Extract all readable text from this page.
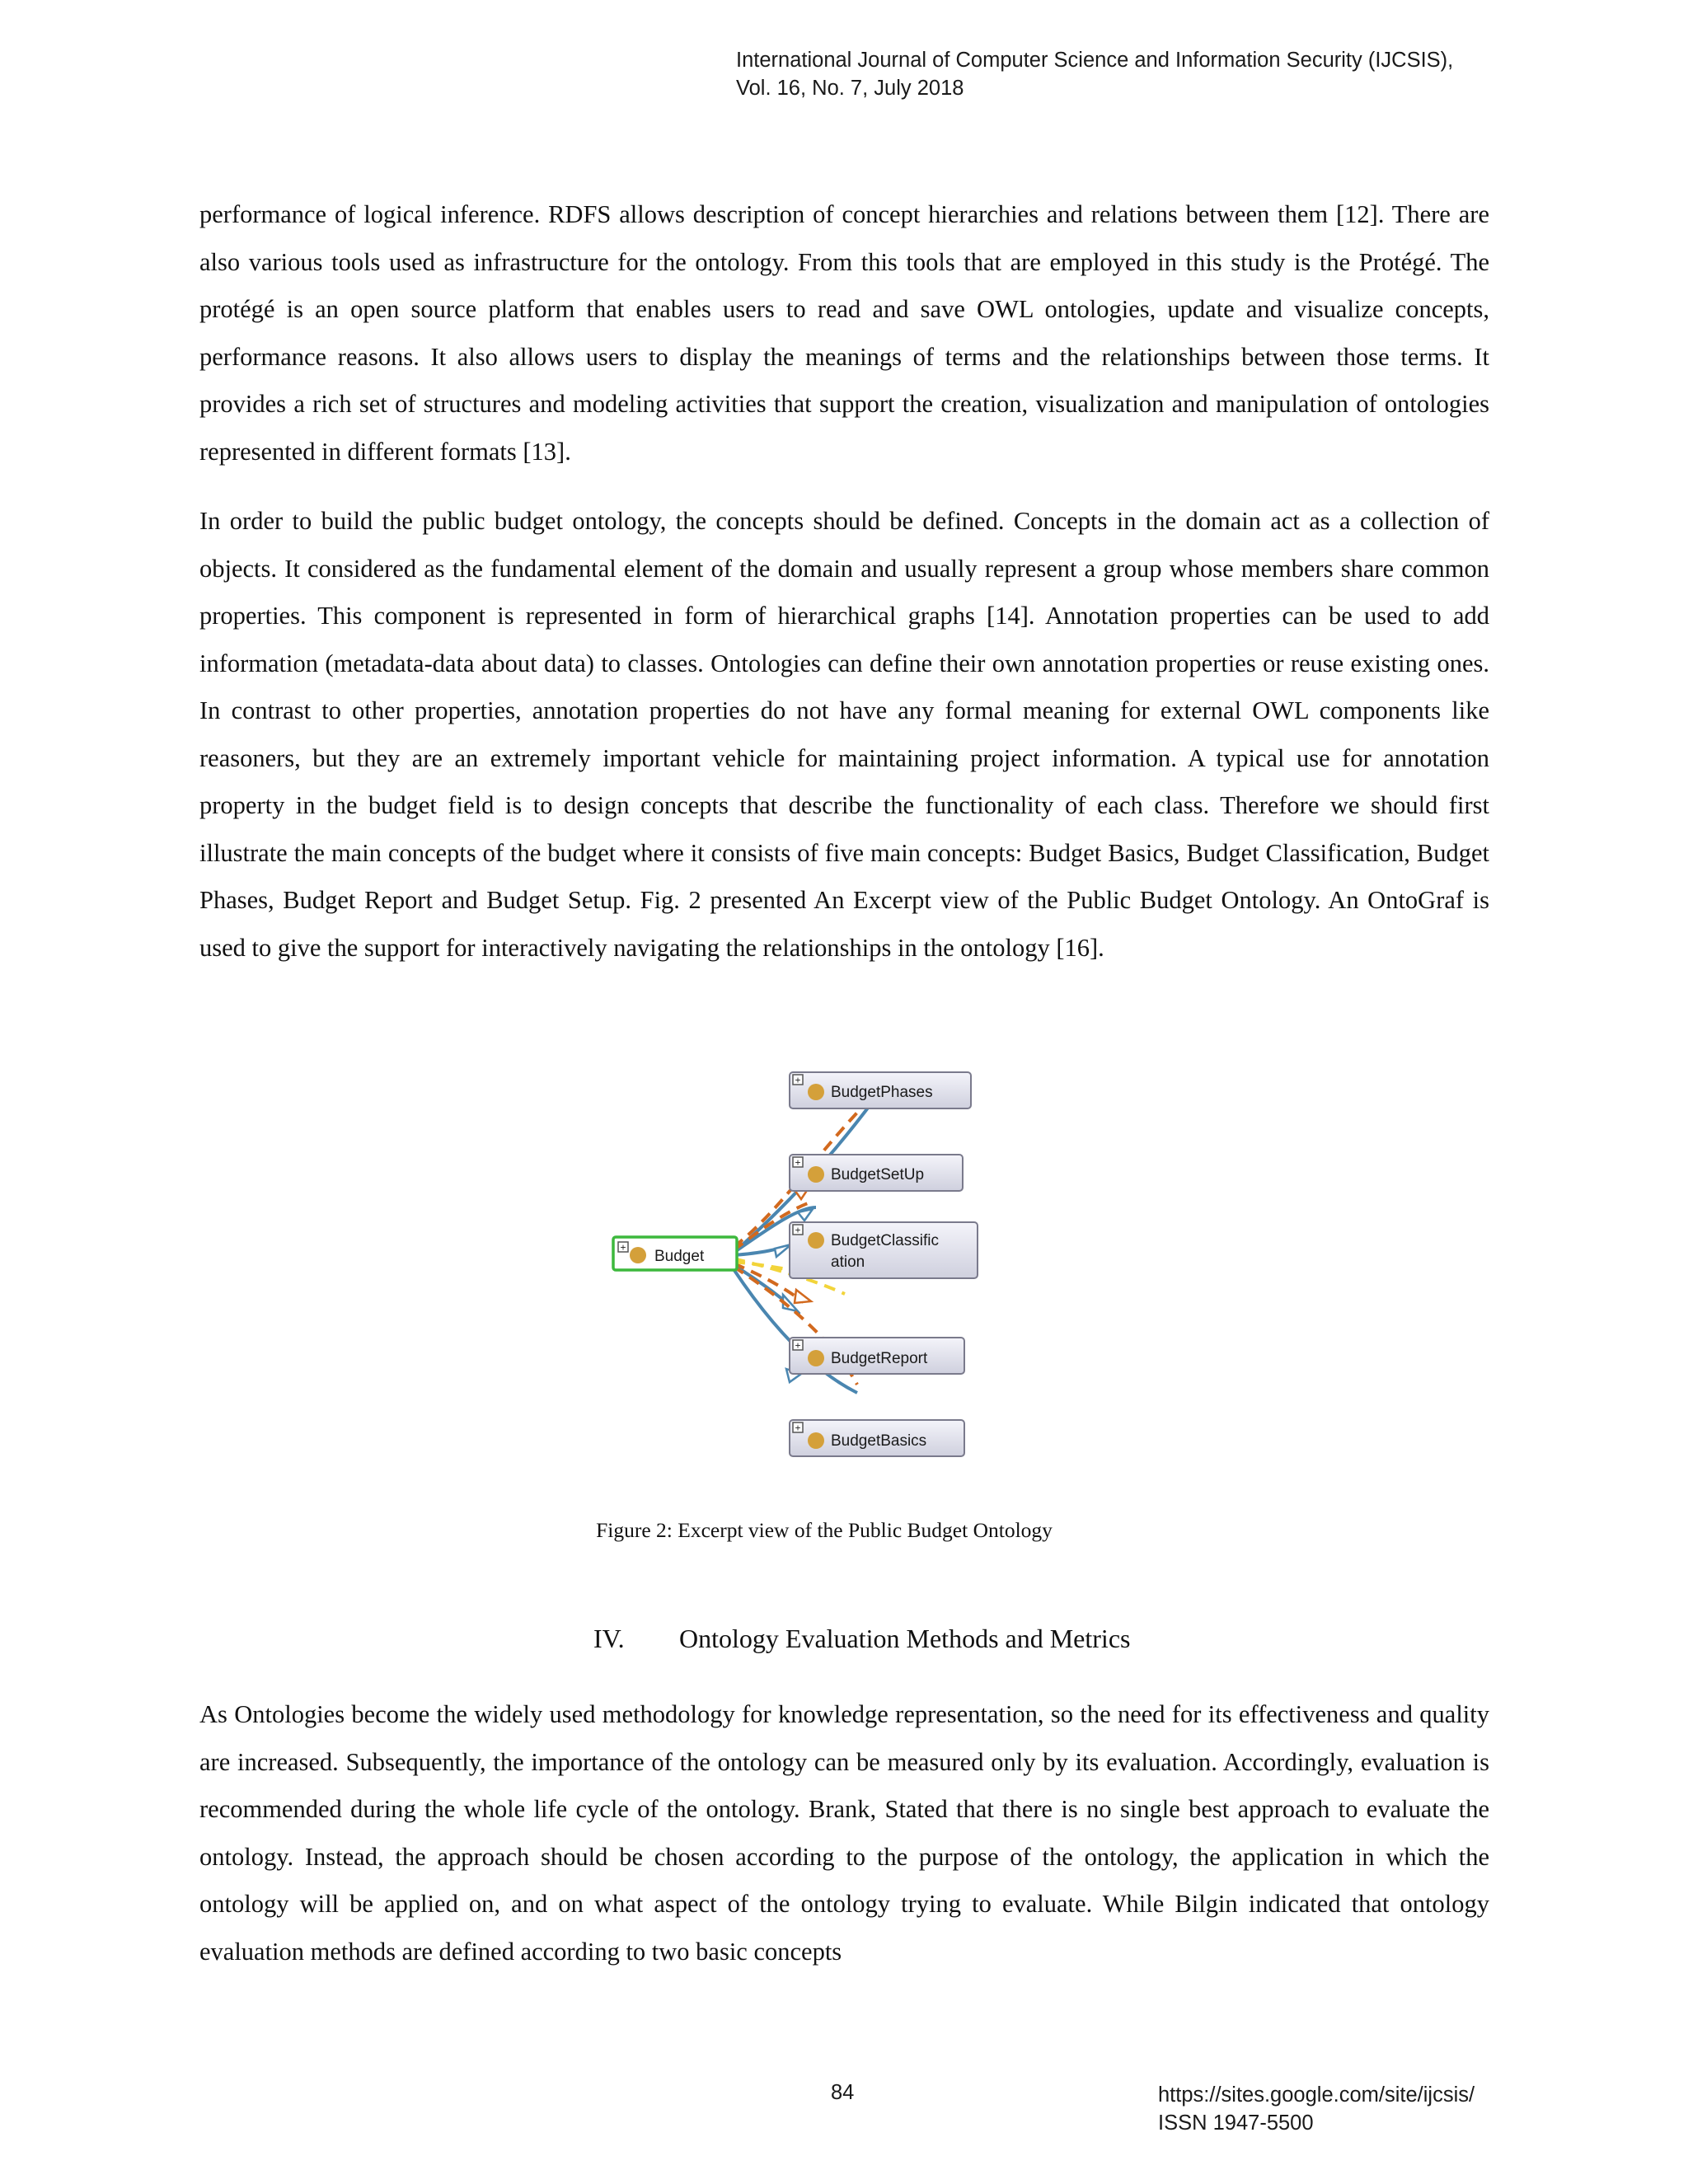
International Journal of Computer Science and Information Security (IJCSIS),
Vol. 16, No. 7, July 2018

performance of logical inference. RDFS allows description of concept hierarchies and relations between them [12]. There are also various tools used as infrastructure for the ontology. From this tools that are employed in this study is the Protégé. The protégé is an open source platform that enables users to read and save OWL ontologies, update and visualize concepts, performance reasons. It also allows users to display the meanings of terms and the relationships between those terms. It provides a rich set of structures and modeling activities that support the creation, visualization and manipulation of ontologies represented in different formats [13].

In order to build the public budget ontology, the concepts should be defined. Concepts in the domain act as a collection of objects. It considered as the fundamental element of the domain and usually represent a group whose members share common properties. This component is represented in form of hierarchical graphs [14]. Annotation properties can be used to add information (metadata-data about data) to classes. Ontologies can define their own annotation properties or reuse existing ones. In contrast to other properties, annotation properties do not have any formal meaning for external OWL components like reasoners, but they are an extremely important vehicle for maintaining project information. A typical use for annotation property in the budget field is to design concepts that describe the functionality of each class. Therefore we should first illustrate the main concepts of the budget where it consists of five main concepts: Budget Basics, Budget Classification, Budget Phases, Budget Report and Budget Setup. Fig. 2 presented An Excerpt view of the Public Budget Ontology. An OntoGraf is used to give the support for interactively navigating the relationships in the ontology [16].

+
Budget
+
BudgetPhases
+
BudgetSetUp
+
BudgetClassific
ation
+
BudgetReport
+
BudgetBasics
Figure 2: Excerpt view of the Public Budget Ontology
IV. Ontology Evaluation Methods and Metrics

As Ontologies become the widely used methodology for knowledge representation, so the need for its effectiveness and quality are increased. Subsequently, the importance of the ontology can be measured only by its evaluation. Accordingly, evaluation is recommended during the whole life cycle of the ontology. Brank, Stated that there is no single best approach to evaluate the ontology. Instead, the approach should be chosen according to the purpose of the ontology, the application in which the ontology will be applied on, and on what aspect of the ontology trying to evaluate. While Bilgin indicated that ontology evaluation methods are defined according to two basic concepts

84	https://sites.google.com/site/ijcsis/
ISSN 1947-5500
